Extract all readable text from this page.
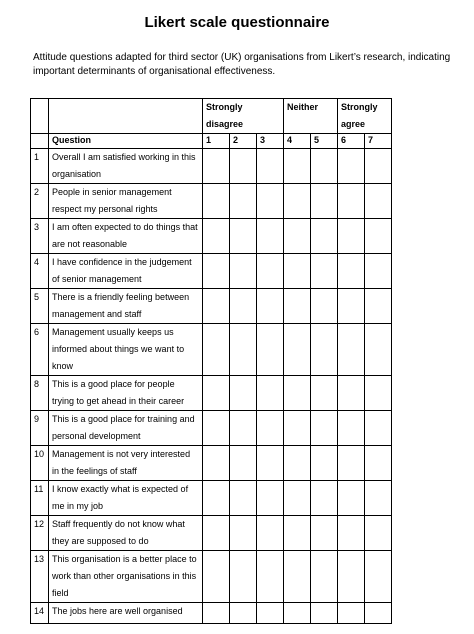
Likert scale questionnaire
Attitude questions adapted for third sector (UK) organisations from Likert’s research, indicating important determinants of organisational effectiveness.
		Strongly disagree			Neither		Strongly agree	
	Question	1	2	3	4	5	6	7
1	Overall I am satisfied working in this organisation							
2	People in senior management respect my personal rights							
3	I am often expected to do things that are not reasonable							
4	I have confidence in the judgement of senior management							
5	There is a friendly feeling between management and staff							
6	Management usually keeps us informed about things we want to know							
8	This is a good place for people trying to get ahead in their career							
9	This is a good place for training and personal development							
10	Management is not very interested in the feelings of staff							
11	I know exactly what is expected of me in my job							
12	Staff frequently do not know what they are supposed to do							
13	This organisation is a better place to work than other organisations in this field							
14	The jobs here are well organised							
